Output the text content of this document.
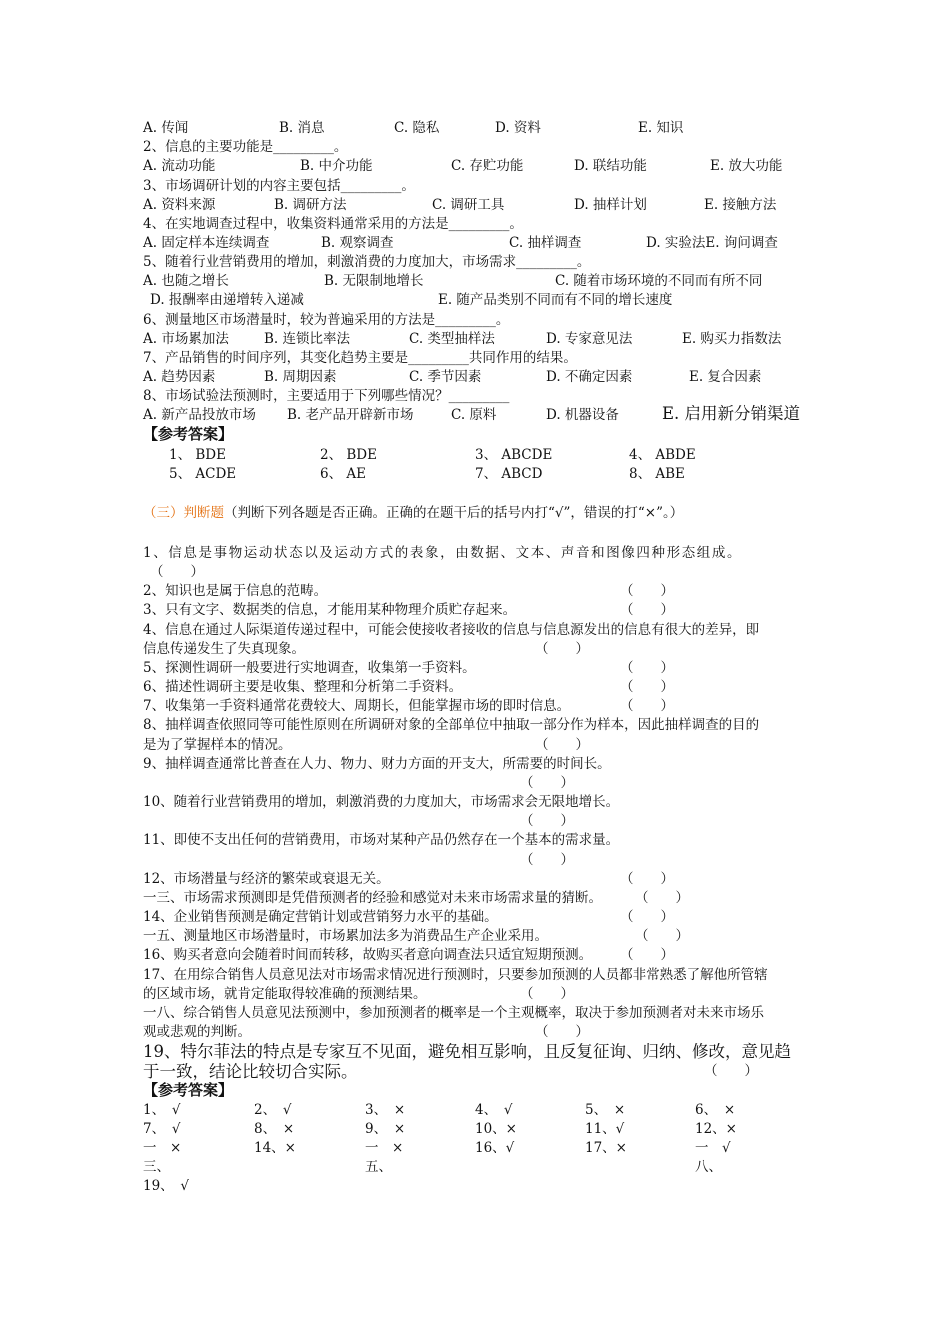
A. 传闻	B. 消息	C. 隐私	D. 资料	E. 知识
2、信息的主要功能是_________。
A. 流动功能	B. 中介功能	C. 存贮功能	D. 联结功能	E. 放大功能
3、市场调研计划的内容主要包括_________。
A. 资料来源	B. 调研方法	C. 调研工具	D. 抽样计划	E. 接触方法
4、在实地调查过程中，收集资料通常采用的方法是_________。
A. 固定样本连续调查	B. 观察调查	C. 抽样调查	D. 实验法E. 询问调查
5、随着行业营销费用的增加，刺激消费的力度加大，市场需求_________。
A. 也随之增长	B. 无限制地增长	C. 随着市场环境的不同而有所不同
D. 报酬率由递增转入递减	E. 随产品类别不同而有不同的增长速度
6、测量地区市场潜量时，较为普遍采用的方法是_________。
A. 市场累加法	B. 连锁比率法	C. 类型抽样法	D. 专家意见法	E. 购买力指数法
7、产品销售的时间序列，其变化趋势主要是_________共同作用的结果。
A. 趋势因素	B. 周期因素	C. 季节因素	D. 不确定因素	E. 复合因素
8、市场试验法预测时，主要适用于下列哪些情况？_________
A. 新产品投放市场 B. 老产品开辟新市场	C. 原料	D. 机器设备	E. 启用新分销渠道
【参考答案】
1、 BDE	2、 BDE	3、 ABCDE	4、 ABDE
5、 ACDE	6、 AE	7、 ABCD	8、 ABE
（三）判断题（判断下列各题是否正确。正确的在题干后的括号内打“√”，错误的打“×”。）
1、信息是事物运动状态以及运动方式的表象，由数据、文本、声音和图像四种形态组成。
（　　）
2、知识也是属于信息的范畴。	（　　）
3、只有文字、数据类的信息，才能用某种物理介质贮存起来。	（　　）
4、信息在通过人际渠道传递过程中，可能会使接收者接收的信息与信息源发出的信息有很大的差异，即
信息传递发生了失真现象。	（　　）
5、探测性调研一般要进行实地调查，收集第一手资料。	（　　）
6、描述性调研主要是收集、整理和分析第二手资料。	（　　）
7、收集第一手资料通常花费较大、周期长，但能掌握市场的即时信息。	（　　）
8、抽样调查依照同等可能性原则在所调研对象的全部单位中抽取一部分作为样本，因此抽样调查的目的
是为了掌握样本的情况。	（　　）
9、抽样调查通常比普查在人力、物力、财力方面的开支大，所需要的时间长。
（　　）
10、随着行业营销费用的增加，刺激消费的力度加大，市场需求会无限地增长。
（　　）
11、即使不支出任何的营销费用，市场对某种产品仍然存在一个基本的需求量。
（　　）
12、市场潜量与经济的繁荣或衰退无关。	（　　）
一三、市场需求预测即是凭借预测者的经验和感觉对未来市场需求量的猜断。 （　　）
14、企业销售预测是确定营销计划或营销努力水平的基础。	（　　）
一五、测量地区市场潜量时，市场累加法多为消费品生产企业采用。	（　　）
16、购买者意向会随着时间而转移，故购买者意向调查法只适宜短期预测。 （　　）
17、在用综合销售人员意见法对市场需求情况进行预测时，只要参加预测的人员都非常熟悉了解他所管辖
的区域市场，就肯定能取得较准确的预测结果。	（　　）
一八、综合销售人员意见法预测中，参加预测者的概率是一个主观概率，取决于参加预测者对未来市场乐
观或悲观的判断。	（　　）
19、特尔菲法的特点是专家互不见面，避免相互影响，且反复征询、归纳、修改，意见趋
于一致，结论比较切合实际。	（　　）
【参考答案】
1、　√	2、　√	3、　×	4、　√	5、　×	6、　×
7、　√	8、　×	9、　×	10、×	11、√	12、×
一　×	14、×	一　×	16、√	17、×	一　√
三、	五、	八、
19、　√
